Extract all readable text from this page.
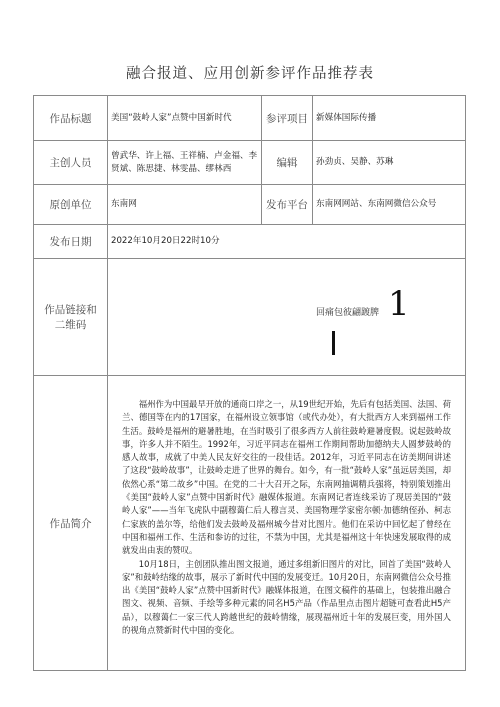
融合报道、应用创新参评作品推荐表
作品标题	美国“鼓岭人家”点赞中国新时代	参评项目	新媒体国际传播
主创人员	曾武华、许上福、王祥楠、卢金福、李贤斌、陈思捷、林雯晶、缪林西	编辑	孙劲贞、吴静、苏琳
原创单位	东南网	发布平台	东南网网站、东南网微信公众号
发布日期	2022年10月20日22时10分		
作品链接和二维码	回痛包彼翩踱脾 1		

作品简介	福州作为中国最早开放的通商口岸之一，从19世纪开始，先后有包括美国、法国、荷兰、德国等在内的17国家，在福州设立领事馆（或代办处），有大批西方人来到福州工作生活。鼓岭是福州的避暑胜地，在当时吸引了很多西方人前往鼓岭避暑度假。说起鼓岭故事，许多人并不陌生。1992年，习近平同志在福州工作期间帮助加德纳夫人圆梦鼓岭的感人故事，成就了中美人民友好交往的一段佳话。2012年，习近平同志在访美期间讲述了这段“鼓岭故事”，让鼓岭走进了世界的舞台。如今，有一批“鼓岭人家”虽远居美国，却依然心系“第二故乡”中国。在党的二十大召开之际，东南网抽调精兵强将，特别策划推出《美国“鼓岭人家”点赞中国新时代》融媒体报道。东南网记者连线采访了现居美国的“鼓岭人家”——当年飞虎队中副穆蔼仁后人穆言灵、美国物理学家密尔顿·加德纳侄孙、柯志仁家族的盖尔等，给他们发去鼓岭及福州城今昔对比图片。他们在采访中回忆起了曾经在中国和福州工作、生活和参访的过往，不禁为中国，尤其是福州这十年快速发展取得的成就发出由衷的赞叹。

10月18日，主创团队推出图文报道，通过多组新旧图片的对比，回首了美国“鼓岭人家”和鼓岭结缘的故事，展示了新时代中国的发展变迁。10月20日，东南网微信公众号推出《美国“鼓岭人家”点赞中国新时代》融媒体报道，在图文稿件的基础上，包装推出融合图文、视频、音频、手绘等多种元素的同名H5产品（作品里点击图片超链可查看此H5产品），以穆蔼仁一家三代人跨越世纪的鼓岭情缘，展现福州近十年的发展巨变，用外国人的视角点赞新时代中国的变化。		
